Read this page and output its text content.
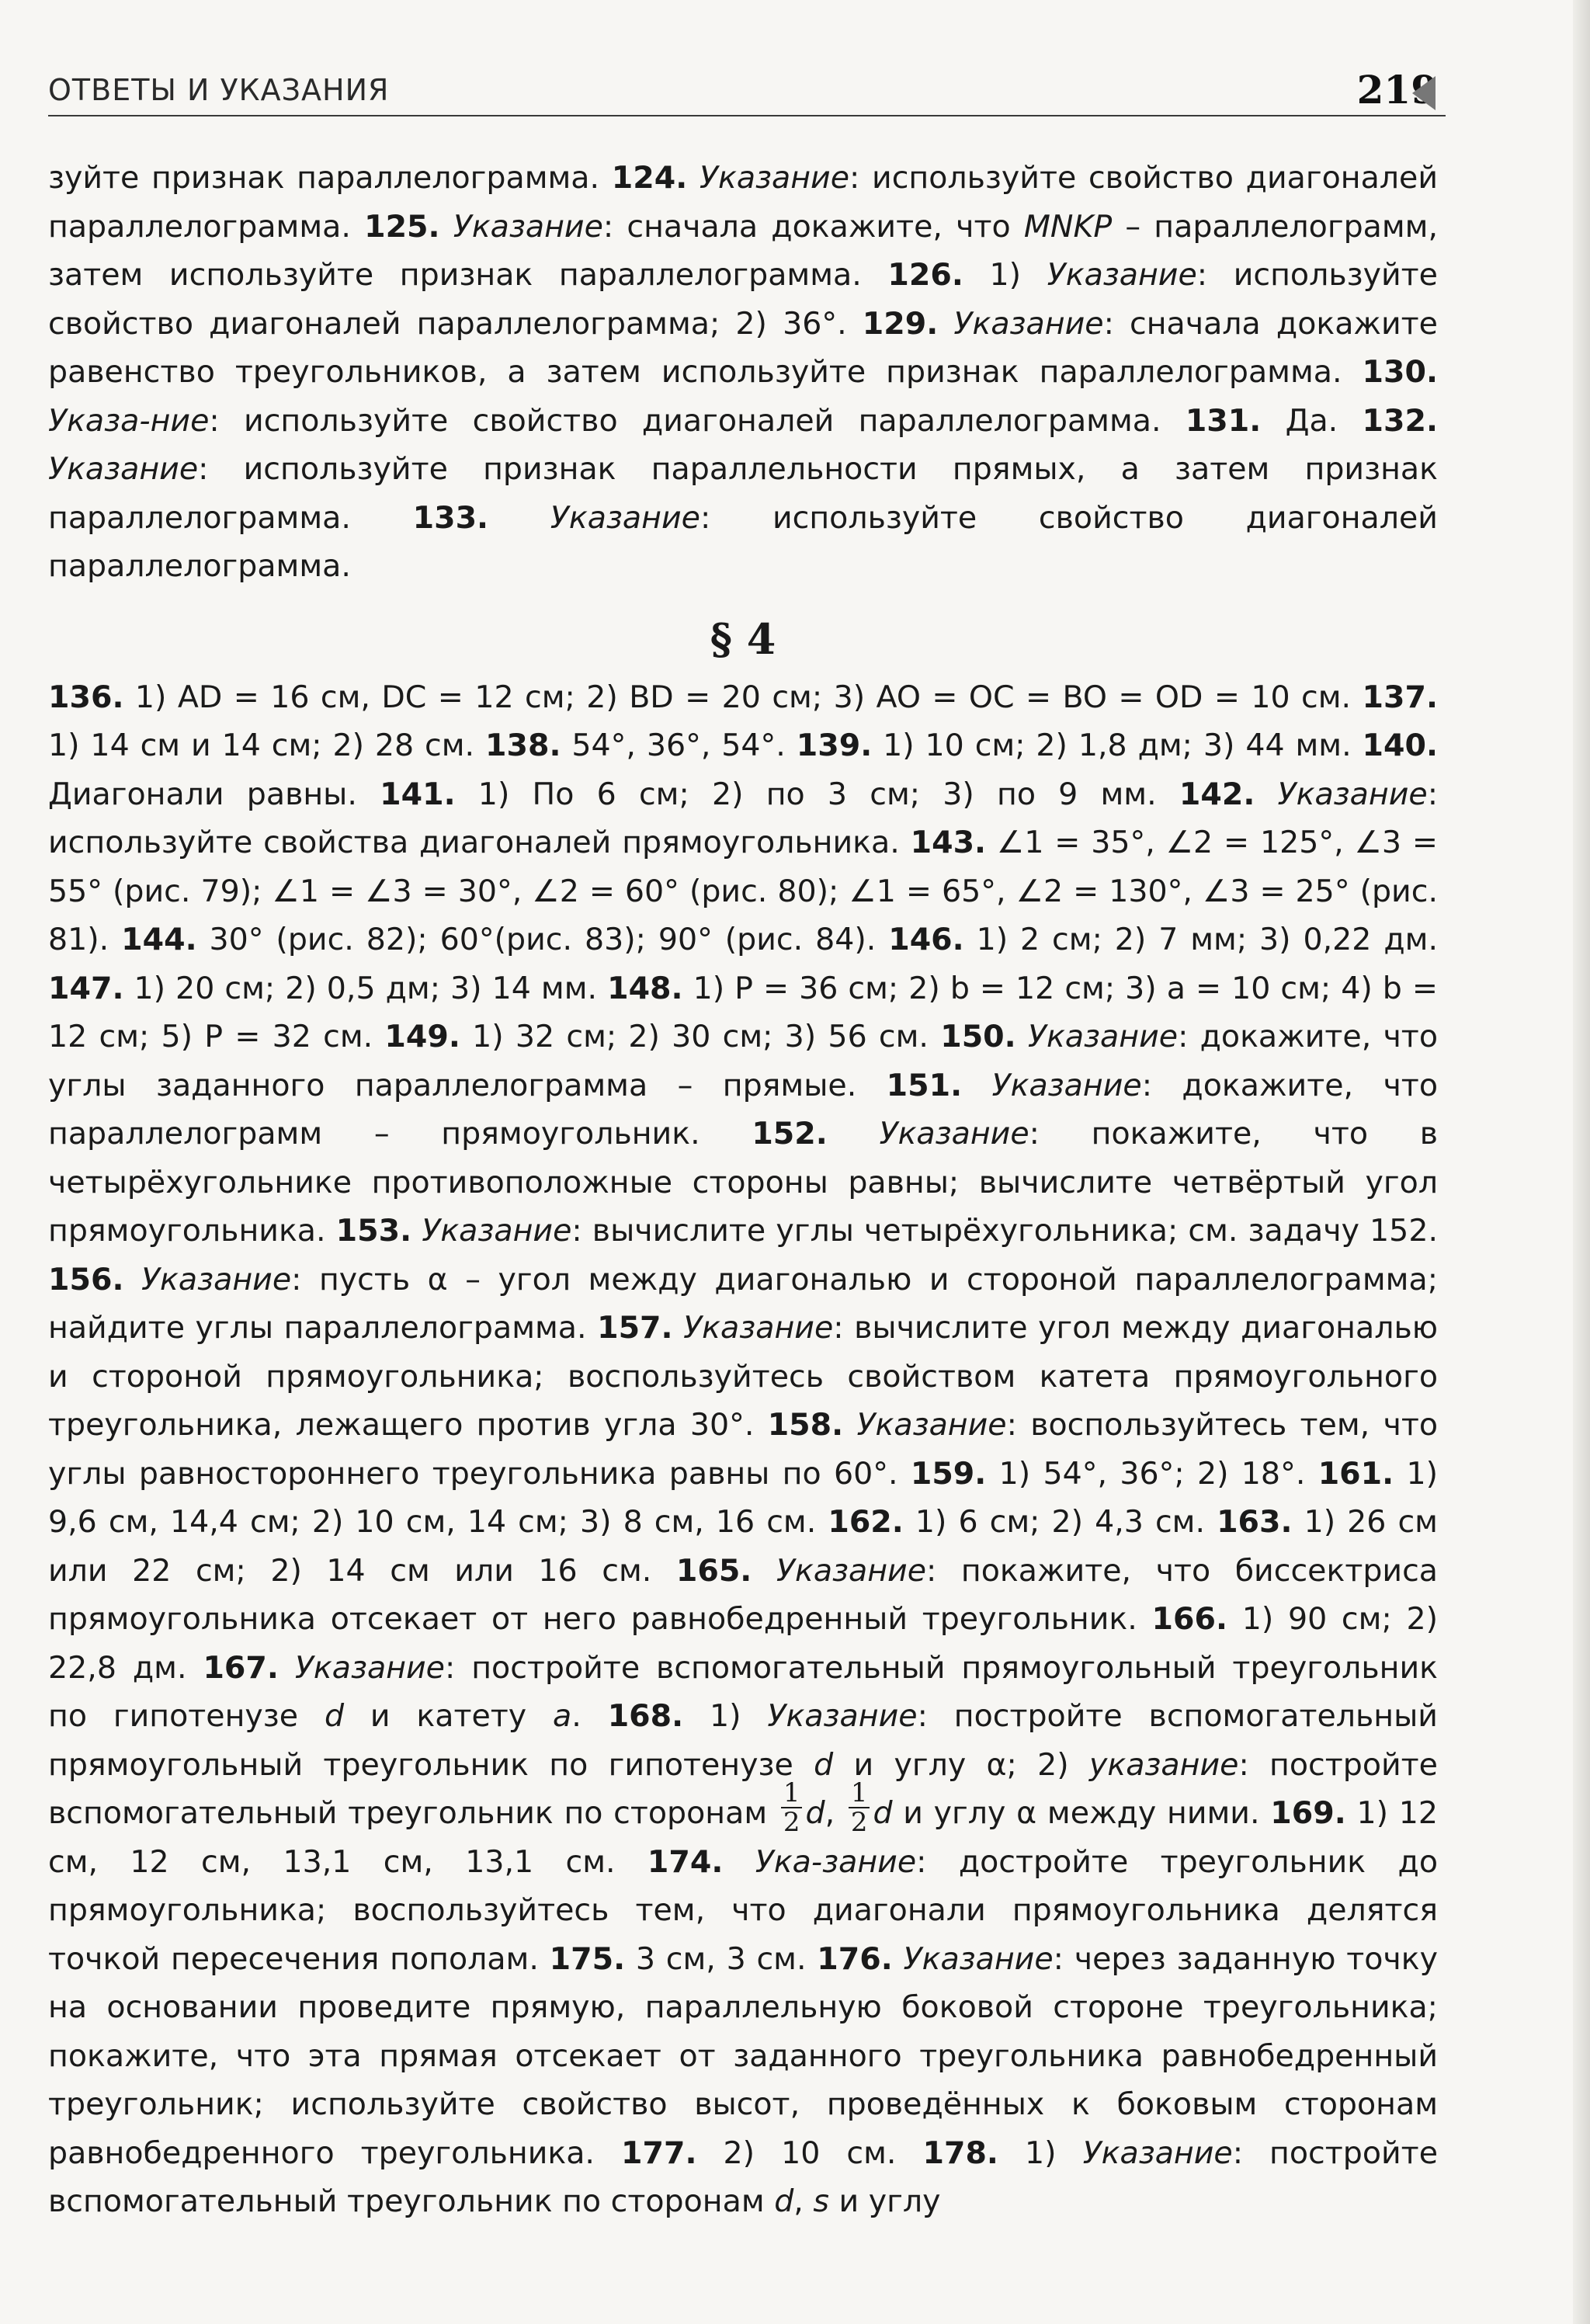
ОТВЕТЫ И УКАЗАНИЯ	219

зуйте признак параллелограмма. 124. Указание: используйте свойство диагоналей параллелограмма. 125. Указание: сначала докажите, что MNKP – параллелограмм, затем используйте признак параллелограмма. 126. 1) Указание: используйте свойство диагоналей параллелограмма; 2) 36°. 129. Указание: сначала докажите равенство треугольников, а затем используйте признак параллелограмма. 130. Указа-ние: используйте свойство диагоналей параллелограмма. 131. Да. 132. Указание: используйте признак параллельности прямых, а затем признак параллелограмма. 133. Указание: используйте свойство диагоналей параллелограмма.

§ 4

136. 1) AD = 16 см, DC = 12 см; 2) BD = 20 см; 3) AO = OC = BO = OD = 10 см. 137. 1) 14 см и 14 см; 2) 28 см. 138. 54°, 36°, 54°. 139. 1) 10 см; 2) 1,8 дм; 3) 44 мм. 140. Диагонали равны. 141. 1) По 6 см; 2) по 3 см; 3) по 9 мм. 142. Указание: используйте свойства диагоналей прямоугольника. 143. ∠1 = 35°, ∠2 = 125°, ∠3 = 55° (рис. 79); ∠1 = ∠3 = 30°, ∠2 = 60° (рис. 80); ∠1 = 65°, ∠2 = 130°, ∠3 = 25° (рис. 81). 144. 30° (рис. 82); 60°(рис. 83); 90° (рис. 84). 146. 1) 2 см; 2) 7 мм; 3) 0,22 дм. 147. 1) 20 см; 2) 0,5 дм; 3) 14 мм. 148. 1) P = 36 см; 2) b = 12 см; 3) a = 10 см; 4) b = 12 см; 5) P = 32 см. 149. 1) 32 см; 2) 30 см; 3) 56 см. 150. Указание: докажите, что углы заданного параллелограмма – прямые. 151. Указание: докажите, что параллелограмм – прямоугольник. 152. Указание: покажите, что в четырёхугольнике противоположные стороны равны; вычислите четвёртый угол прямоугольника. 153. Указание: вычислите углы четырёхугольника; см. задачу 152. 156. Указание: пусть α – угол между диагональю и стороной параллелограмма; найдите углы параллелограмма. 157. Указание: вычислите угол между диагональю и стороной прямоугольника; воспользуйтесь свойством катета прямоугольного треугольника, лежащего против угла 30°. 158. Указание: воспользуйтесь тем, что углы равностороннего треугольника равны по 60°. 159. 1) 54°, 36°; 2) 18°. 161. 1) 9,6 см, 14,4 см; 2) 10 см, 14 см; 3) 8 см, 16 см. 162. 1) 6 см; 2) 4,3 см. 163. 1) 26 см или 22 см; 2) 14 см или 16 см. 165. Указание: покажите, что биссектриса прямоугольника отсекает от него равнобедренный треугольник. 166. 1) 90 см; 2) 22,8 дм. 167. Указание: постройте вспомогательный прямоугольный треугольник по гипотенузе d и катету a. 168. 1) Указание: постройте вспомогательный прямоугольный треугольник по гипотенузе d и углу α; 2) указание: постройте вспомогательный треугольник по сторонам $\frac{1}{2} d$, $\frac{1}{2}$ d и углу α между ними. 169. 1) 12 см, 12 см, 13,1 см, 13,1 см. 174. Ука-зание: достройте треугольник до прямоугольника; воспользуйтесь тем, что диагонали прямоугольника делятся точкой пересечения пополам. 175. 3 см, 3 см. 176. Указание: через заданную точку на основании проведите прямую, параллельную боковой стороне треугольника; покажите, что эта прямая отсекает от заданного треугольника равнобедренный треугольник; используйте свойство высот, проведённых к боковым сторонам равнобедренного треугольника. 177. 2) 10 см. 178. 1) Указание: постройте вспомогательный треугольник по сторонам d, s и углу
